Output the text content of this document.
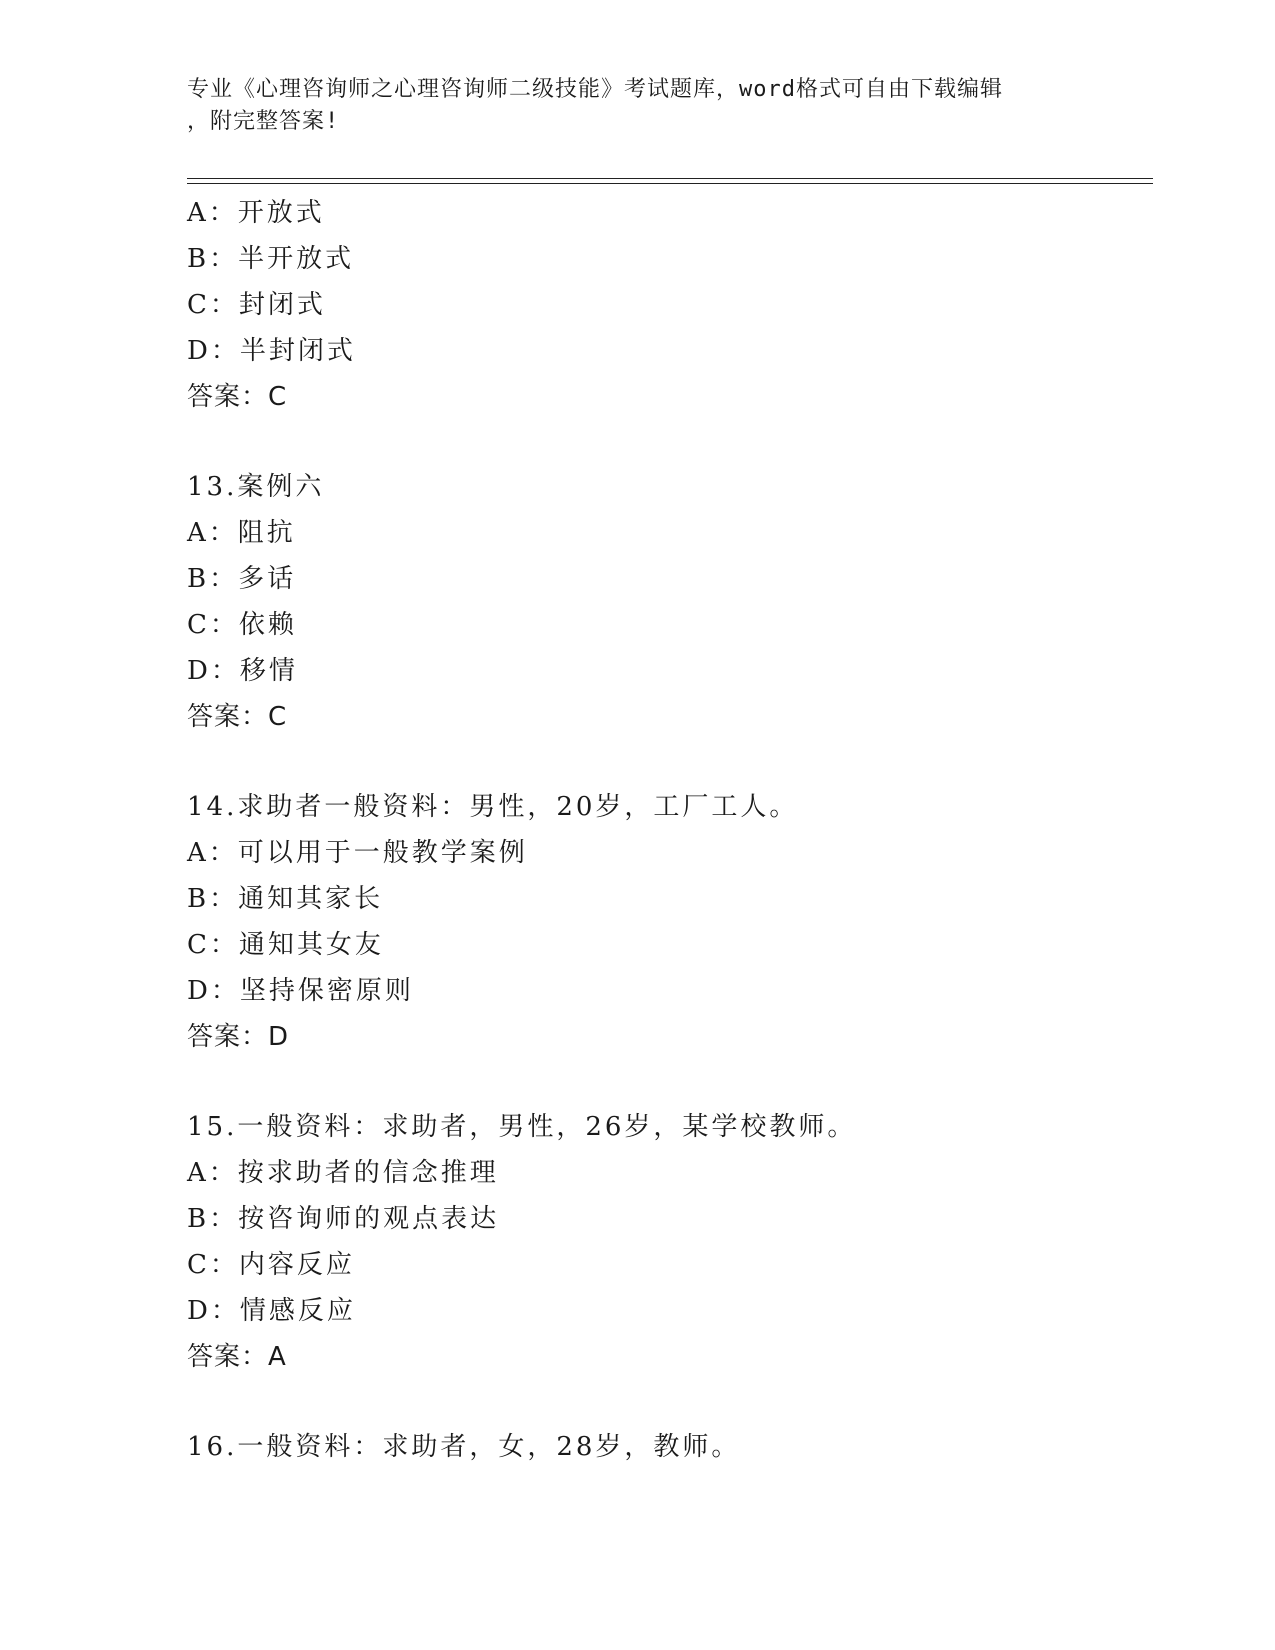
专业《心理咨询师之心理咨询师二级技能》考试题库，word格式可自由下载编辑
，附完整答案!
A：开放式
B：半开放式
C：封闭式
D：半封闭式
答案：C
13.案例六
A：阻抗
B：多话
C：依赖
D：移情
答案：C
14.求助者一般资料：男性，20岁，工厂工人。
A：可以用于一般教学案例
B：通知其家长
C：通知其女友
D：坚持保密原则
答案：D
15.一般资料：求助者，男性，26岁，某学校教师。
A：按求助者的信念推理
B：按咨询师的观点表达
C：内容反应
D：情感反应
答案：A
16.一般资料：求助者，女，28岁，教师。
